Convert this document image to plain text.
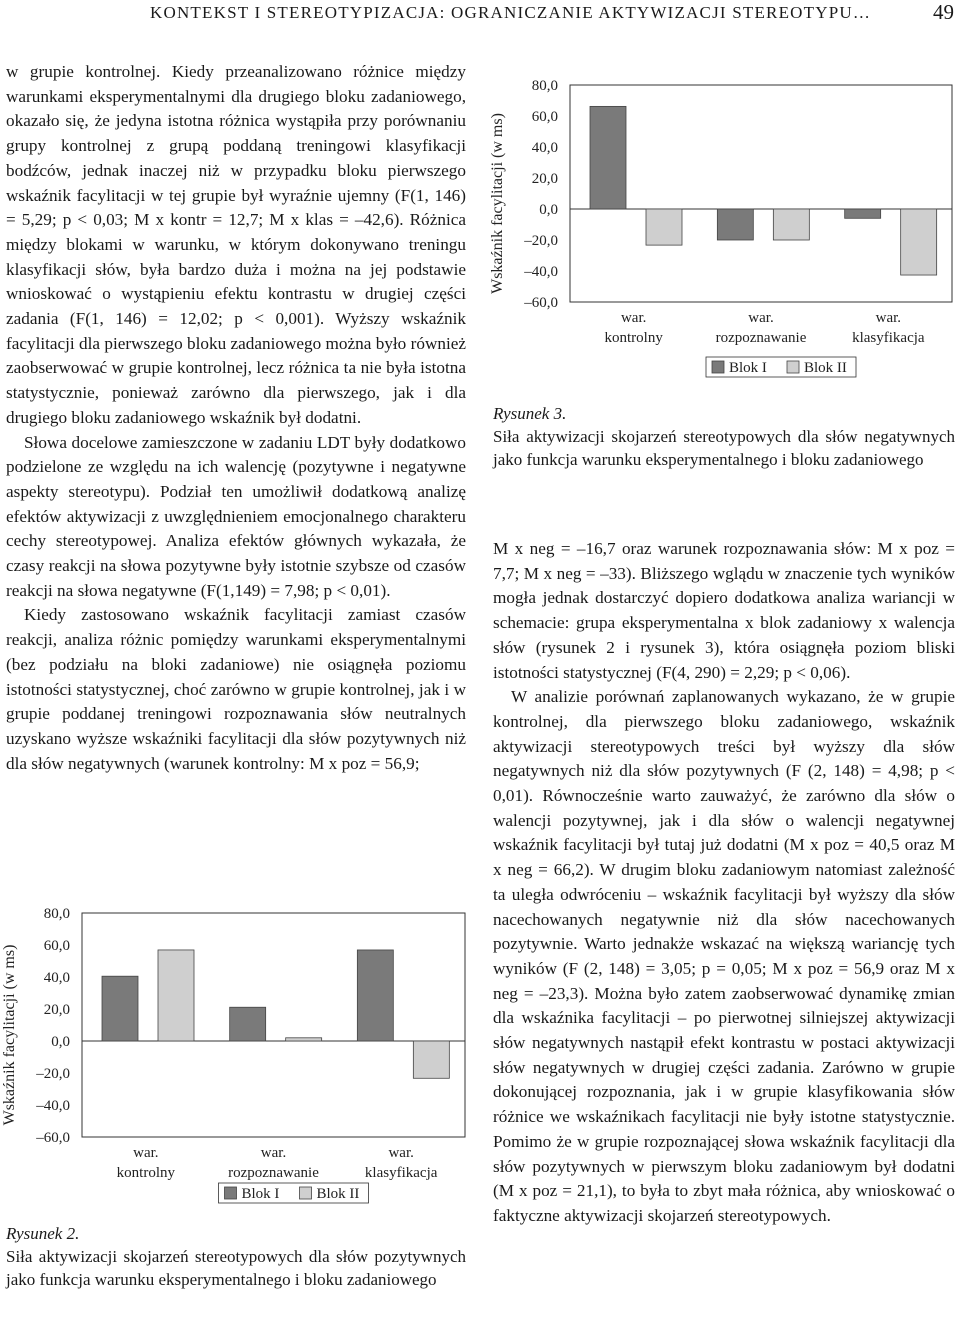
KONTEKST I STEREOTYPIZACJA: OGRANICZANIE AKTYWIZACJI STEREOTYPU…	49

w grupie kontrolnej. Kiedy przeanalizowano różnice między warunkami eksperymentalnymi dla drugiego bloku zadaniowego, okazało się, że jedyna istotna różnica wystąpiła przy porównaniu grupy kontrolnej z grupą poddaną treningowi klasyfikacji bodźców, jednak inaczej niż w przypadku bloku pierwszego wskaźnik facylitacji w tej grupie był wyraźnie ujemny (F(1, 146) = 5,29; p < 0,03; M x kontr = 12,7; M x klas = –42,6). Różnica między blokami w warunku, w którym dokonywano treningu klasyfikacji słów, była bardzo duża i można na jej podstawie wnioskować o wystąpieniu efektu kontrastu w drugiej części zadania (F(1, 146) = 12,02; p < 0,001). Wyższy wskaźnik facylitacji dla pierwszego bloku zadaniowego można było również zaobserwować w grupie kontrolnej, lecz różnica ta nie była istotna statystycznie, ponieważ zarówno dla pierwszego, jak i dla drugiego bloku zadaniowego wskaźnik był dodatni.

Słowa docelowe zamieszczone w zadaniu LDT były dodatkowo podzielone ze względu na ich walencję (pozytywne i negatywne aspekty stereotypu). Podział ten umożliwił dodatkową analizę efektów aktywizacji z uwzględnieniem emocjonalnego charakteru cechy stereotypowej. Analiza efektów głównych wykazała, że czasy reakcji na słowa pozytywne były istotnie szybsze od czasów reakcji na słowa negatywne (F(1,149) = 7,98; p < 0,01).

Kiedy zastosowano wskaźnik facylitacji zamiast czasów reakcji, analiza różnic pomiędzy warunkami eksperymentalnymi (bez podziału na bloki zadaniowe) nie osiągnęła poziomu istotności statystycznej, choć zarówno w grupie kontrolnej, jak i w grupie poddanej treningowi rozpoznawania słów neutralnych uzyskano wyższe wskaźniki facylitacji dla słów pozytywnych niż dla słów negatywnych (warunek kontrolny: M x poz = 56,9;

80,0
60,0
40,0
20,0
0,0
–20,0
–40,0
–60,0
Wskaźnik facylitacji (w ms)
war.
kontrolny
war.
rozpoznawanie
war.
klasyfikacja
Blok I Blok II
Rysunek 2.
Siła aktywizacji skojarzeń stereotypowych dla słów pozytywnych jako funkcja warunku eksperymentalnego i bloku zadaniowego
80,0
60,0
40,0
20,0
0,0
–20,0
–40,0
–60,0
Wskaźnik facylitacji (w ms)
war.
kontrolny
war.
rozpoznawanie
war.
klasyfikacja
Blok I Blok II
Rysunek 3.
Siła aktywizacji skojarzeń stereotypowych dla słów negatywnych jako funkcja warunku eksperymentalnego i bloku zadaniowego

M x neg = –16,7 oraz warunek rozpoznawania słów: M x poz = 7,7; M x neg = –33). Bliższego wglądu w znaczenie tych wyników mogła jednak dostarczyć dopiero dodatkowa analiza wariancji w schemacie: grupa eksperymentalna x blok zadaniowy x walencja słów (rysunek 2 i rysunek 3), która osiągnęła poziom bliski istotności statystycznej (F(4, 290) = 2,29; p < 0,06).

W analizie porównań zaplanowanych wykazano, że w grupie kontrolnej, dla pierwszego bloku zadaniowego, wskaźnik aktywizacji stereotypowych treści był wyższy dla słów negatywnych niż dla słów pozytywnych (F (2, 148) = 4,98; p < 0,01). Równocześnie warto zauważyć, że zarówno dla słów o walencji pozytywnej, jak i dla słów o walencji negatywnej wskaźnik facylitacji był tutaj już dodatni (M x poz = 40,5 oraz M x neg = 66,2). W drugim bloku zadaniowym natomiast zależność ta uległa odwróceniu – wskaźnik facylitacji był wyższy dla słów nacechowanych negatywnie niż dla słów nacechowanych pozytywnie. Warto jednakże wskazać na większą wariancję tych wyników (F (2, 148) = 3,05; p = 0,05; M x poz = 56,9 oraz M x neg = –23,3). Można było zatem zaobserwować dynamikę zmian dla wskaźnika facylitacji – po pierwotnej silniejszej aktywizacji słów negatywnych nastąpił efekt kontrastu w postaci aktywizacji słów negatywnych w drugiej części zadania. Zarówno w grupie dokonującej rozpoznania, jak i w grupie klasyfikowania słów różnice we wskaźnikach facylitacji nie były istotne statystycznie. Pomimo że w grupie rozpoznającej słowa wskaźnik facylitacji dla słów pozytywnych w pierwszym bloku zadaniowym był dodatni (M x poz = 21,1), to była to zbyt mała różnica, aby wnioskować o faktyczne aktywizacji skojarzeń stereotypowych.
